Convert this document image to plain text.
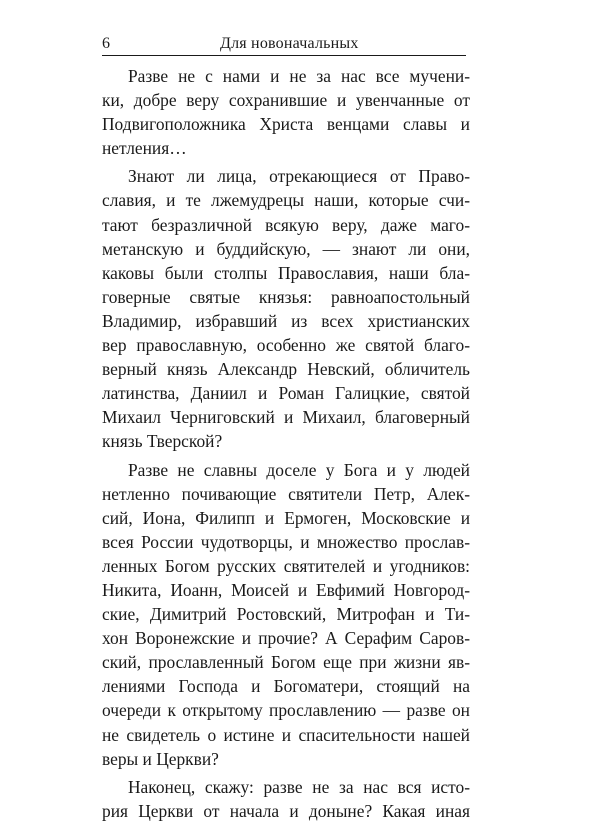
6	Для новоначальных
Разве не с нами и не за нас все мучени-
ки, добре веру сохранившие и увенчанные от
Подвигоположника Христа венцами славы и
нетления…
Знают ли лица, отрекающиеся от Право-
славия, и те лжемудрецы наши, которые счи-
тают безразличной всякую веру, даже маго-
метанскую и буддийскую, — знают ли они,
каковы были столпы Православия, наши бла-
говерные святые князья: равноапостольный
Владимир, избравший из всех христианских
вер православную, особенно же святой благо-
верный князь Александр Невский, обличитель
латинства, Даниил и Роман Галицкие, святой
Михаил Черниговский и Михаил, благоверный
князь Тверской?
Разве не славны доселе у Бога и у людей
нетленно почивающие святители Петр, Алек-
сий, Иона, Филипп и Ермоген, Московские и
всея России чудотворцы, и множество прослав-
ленных Богом русских святителей и угодников:
Никита, Иоанн, Моисей и Евфимий Новгород-
ские, Димитрий Ростовский, Митрофан и Ти-
хон Воронежские и прочие? А Серафим Саров-
ский, прославленный Богом еще при жизни яв-
лениями Господа и Богоматери, стоящий на
очереди к открытому прославлению — разве он
не свидетель о истине и спасительности нашей
веры и Церкви?
Наконец, скажу: разве не за нас вся исто-
рия Церкви от начала и доныне? Какая иная
